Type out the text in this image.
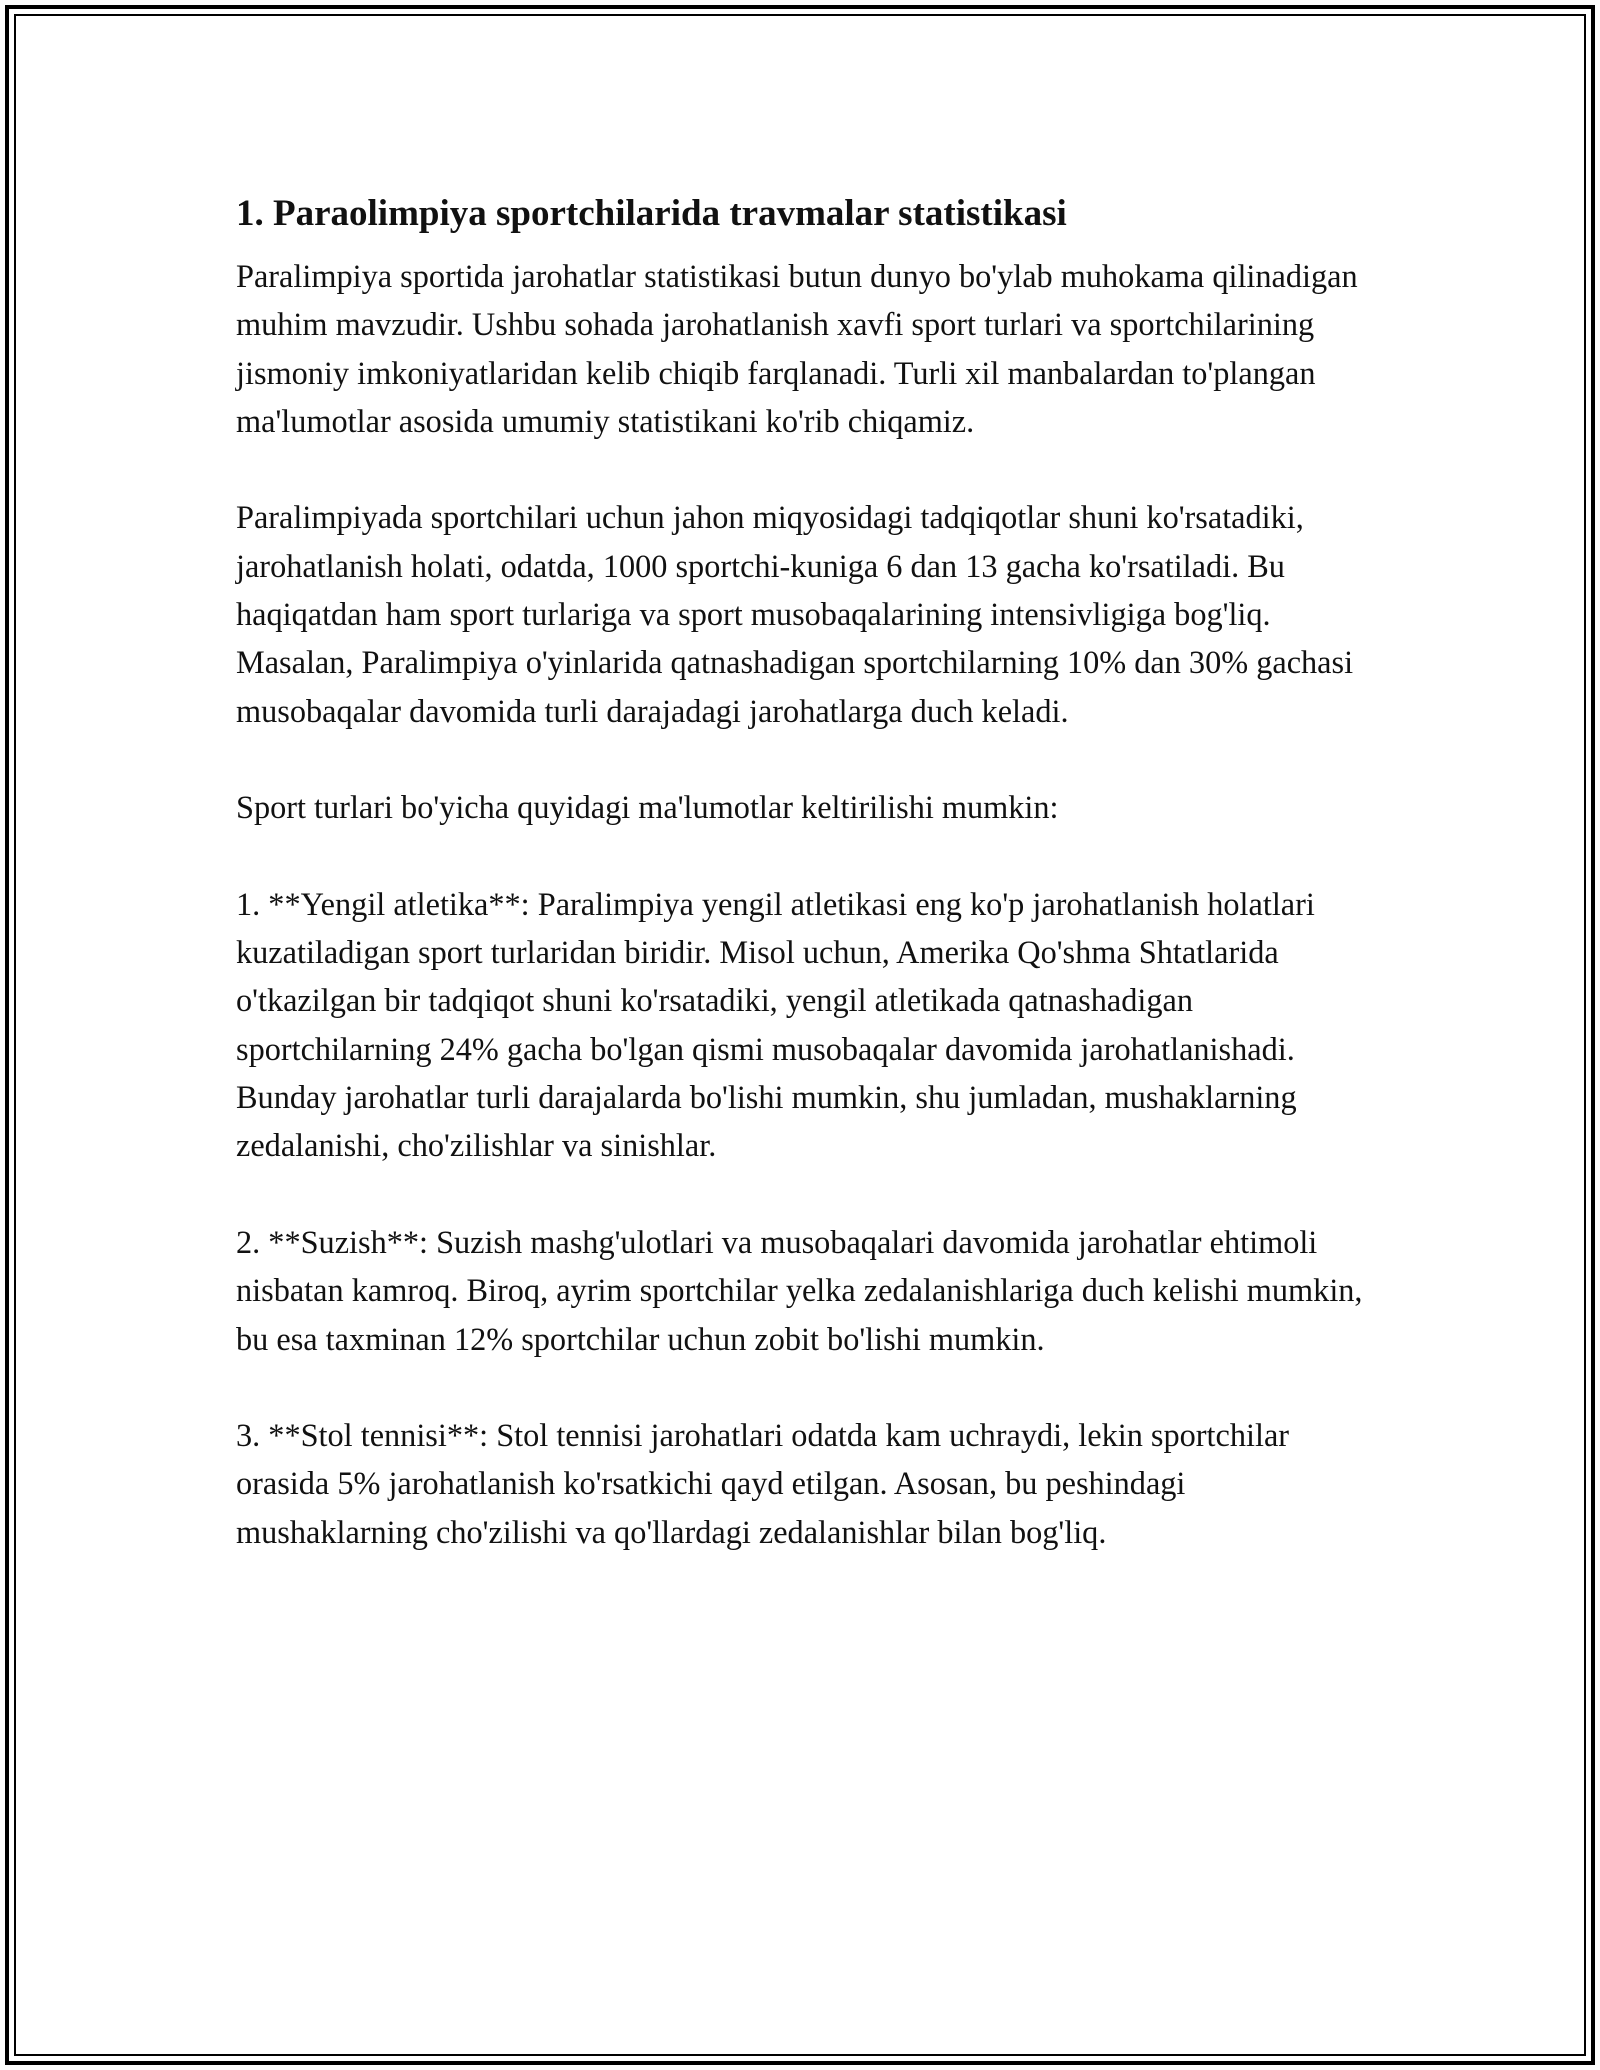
1. Paraolimpiya sportchilarida travmalar statistikasi

Paralimpiya sportida jarohatlar statistikasi butun dunyo bo'ylab muhokama qilinadigan muhim mavzudir. Ushbu sohada jarohatlanish xavfi sport turlari va sportchilarining jismoniy imkoniyatlaridan kelib chiqib farqlanadi. Turli xil manbalardan to'plangan ma'lumotlar asosida umumiy statistikani ko'rib chiqamiz.

Paralimpiyada sportchilari uchun jahon miqyosidagi tadqiqotlar shuni ko'rsatadiki, jarohatlanish holati, odatda, 1000 sportchi-kuniga 6 dan 13 gacha ko'rsatiladi. Bu haqiqatdan ham sport turlariga va sport musobaqalarining intensivligiga bog'liq. Masalan, Paralimpiya o'yinlarida qatnashadigan sportchilarning 10% dan 30% gachasi musobaqalar davomida turli darajadagi jarohatlarga duch keladi.

Sport turlari bo'yicha quyidagi ma'lumotlar keltirilishi mumkin:

1. **Yengil atletika**: Paralimpiya yengil atletikasi eng ko'p jarohatlanish holatlari kuzatiladigan sport turlaridan biridir. Misol uchun, Amerika Qo'shma Shtatlarida o'tkazilgan bir tadqiqot shuni ko'rsatadiki, yengil atletikada qatnashadigan sportchilarning 24% gacha bo'lgan qismi musobaqalar davomida jarohatlanishadi. Bunday jarohatlar turli darajalarda bo'lishi mumkin, shu jumladan, mushaklarning zedalanishi, cho'zilishlar va sinishlar.

2. **Suzish**: Suzish mashg'ulotlari va musobaqalari davomida jarohatlar ehtimoli nisbatan kamroq. Biroq, ayrim sportchilar yelka zedalanishlariga duch kelishi mumkin, bu esa taxminan 12% sportchilar uchun zobit bo'lishi mumkin.

3. **Stol tennisi**: Stol tennisi jarohatlari odatda kam uchraydi, lekin sportchilar orasida 5% jarohatlanish ko'rsatkichi qayd etilgan. Asosan, bu peshindagi mushaklarning cho'zilishi va qo'llardagi zedalanishlar bilan bog'liq.
